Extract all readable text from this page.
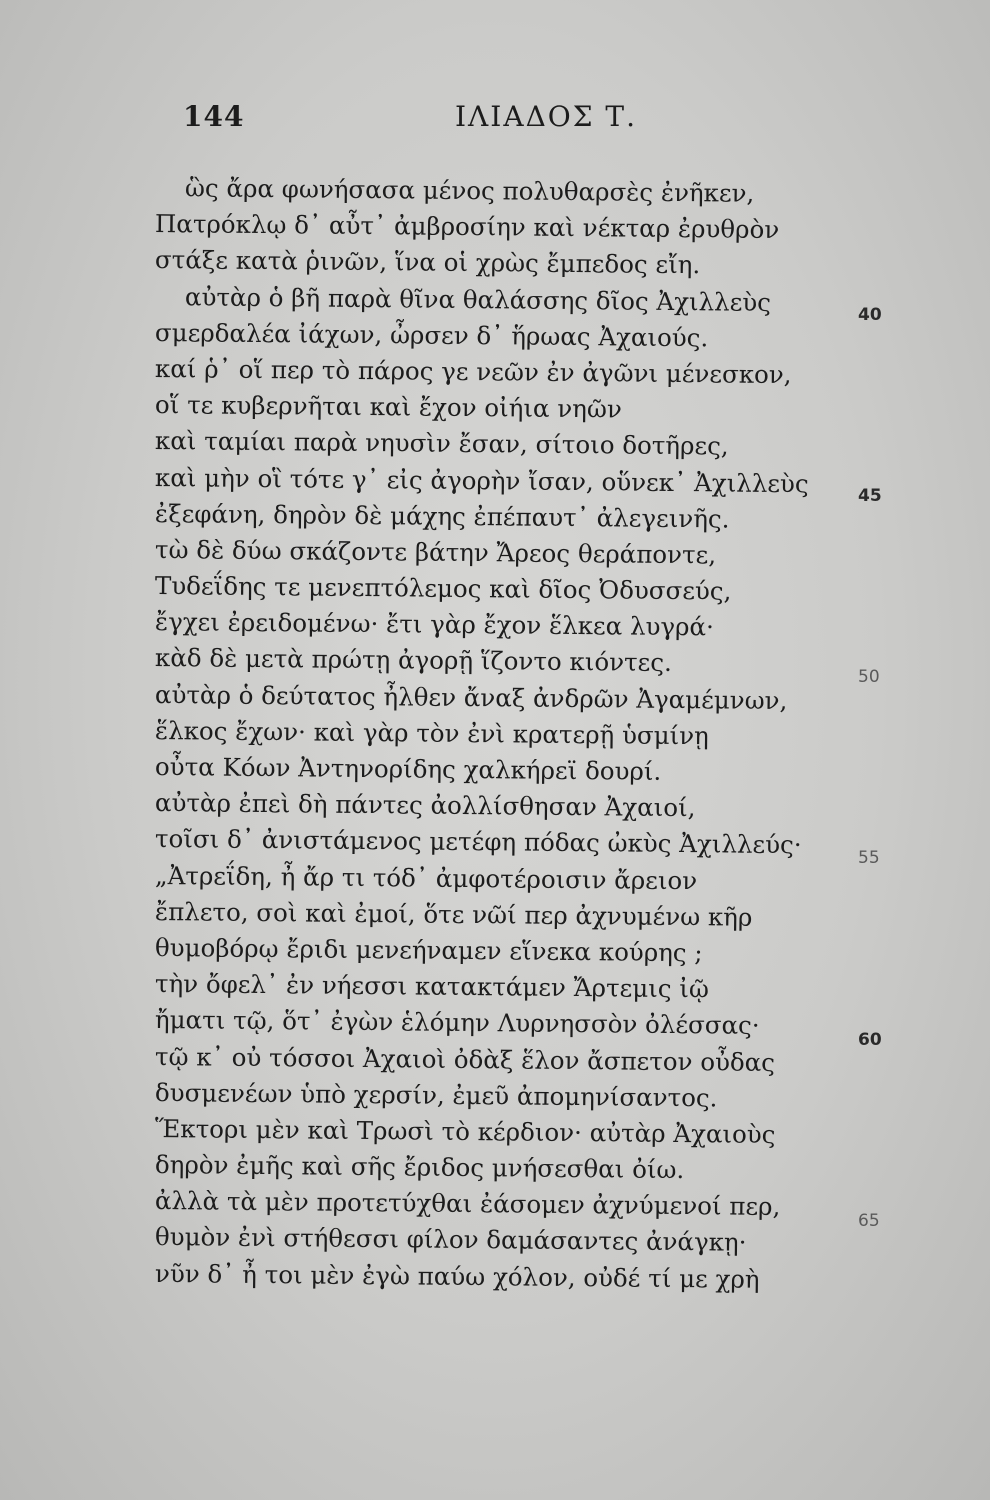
144	ΙΛΙΑΔΟΣ Τ.
ὣς ἄρα φωνήσασα μένος πολυθαρσὲς ἐνῆκεν,
Πατρόκλῳ δ᾽ αὖτ᾽ ἀμβροσίην καὶ νέκταρ ἐρυθρὸν
στάξε κατὰ ῥινῶν, ἵνα οἱ χρὼς ἔμπεδος εἴη.
αὐτὰρ ὁ βῆ παρὰ θῖνα θαλάσσης δῖος Ἀχιλλεὺς
σμερδαλέα ἰάχων, ὦρσεν δ᾽ ἥρωας Ἀχαιούς.
καί ῥ᾽ οἵ περ τὸ πάρος γε νεῶν ἐν ἀγῶνι μένεσκον,
οἵ τε κυβερνῆται καὶ ἔχον οἰήια νηῶν
καὶ ταμίαι παρὰ νηυσὶν ἔσαν, σίτοιο δοτῆρες,
καὶ μὴν οἳ τότε γ᾽ εἰς ἀγορὴν ἴσαν, οὕνεκ᾽ Ἀχιλλεὺς
ἐξεφάνη, δηρὸν δὲ μάχης ἐπέπαυτ᾽ ἀλεγεινῆς.
τὼ δὲ δύω σκάζοντε βάτην Ἄρεος θεράποντε,
Τυδεΐδης τε μενεπτόλεμος καὶ δῖος Ὀδυσσεύς,
ἔγχει ἐρειδομένω· ἔτι γὰρ ἔχον ἕλκεα λυγρά·
κὰδ δὲ μετὰ πρώτῃ ἀγορῇ ἵζοντο κιόντες.
αὐτὰρ ὁ δεύτατος ἦλθεν ἄναξ ἀνδρῶν Ἀγαμέμνων,
ἕλκος ἔχων· καὶ γὰρ τὸν ἐνὶ κρατερῇ ὑσμίνῃ
οὖτα Κόων Ἀντηνορίδης χαλκήρεϊ δουρί.
αὐτὰρ ἐπεὶ δὴ πάντες ἀολλίσθησαν Ἀχαιοί,
τοῖσι δ᾽ ἀνιστάμενος μετέφη πόδας ὠκὺς Ἀχιλλεύς·
„Ἀτρεΐδη, ἦ ἄρ τι τόδ᾽ ἀμφοτέροισιν ἄρειον
ἔπλετο, σοὶ καὶ ἐμοί, ὅτε νῶί περ ἀχνυμένω κῆρ
θυμοβόρῳ ἔριδι μενεήναμεν εἵνεκα κούρης ;
τὴν ὄφελ᾽ ἐν νήεσσι κατακτάμεν Ἄρτεμις ἰῷ
ἤματι τῷ, ὅτ᾽ ἐγὼν ἑλόμην Λυρνησσὸν ὀλέσσας·
τῷ κ᾽ οὐ τόσσοι Ἀχαιοὶ ὀδὰξ ἕλον ἄσπετον οὖδας
δυσμενέων ὑπὸ χερσίν, ἐμεῦ ἀπομηνίσαντος.
Ἕκτορι μὲν καὶ Τρωσὶ τὸ κέρδιον· αὐτὰρ Ἀχαιοὺς
δηρὸν ἐμῆς καὶ σῆς ἔριδος μνήσεσθαι ὀίω.
ἀλλὰ τὰ μὲν προτετύχθαι ἐάσομεν ἀχνύμενοί περ,
θυμὸν ἐνὶ στήθεσσι φίλον δαμάσαντες ἀνάγκῃ·
νῦν δ᾽ ἦ τοι μὲν ἐγὼ παύω χόλον, οὐδέ τί με χρὴ
40
45
50
55
60
65
